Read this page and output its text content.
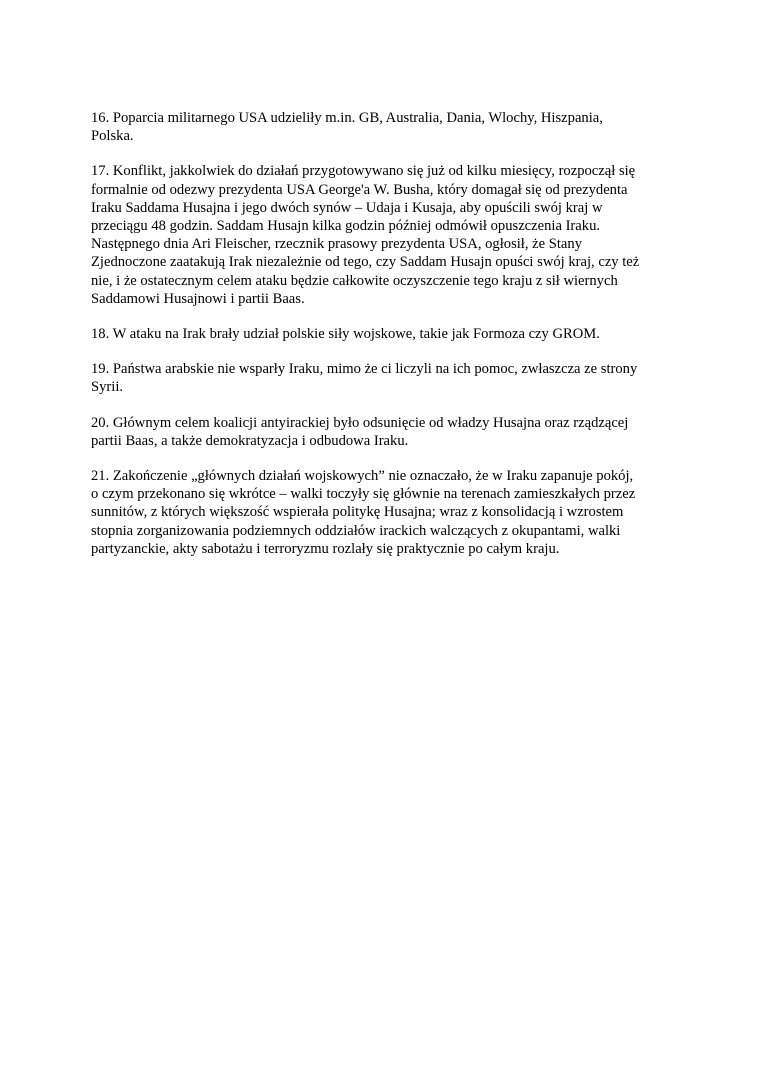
16. Poparcia militarnego USA udzieliły m.in. GB, Australia, Dania, Wlochy, Hiszpania,
Polska.

17. Konflikt, jakkolwiek do działań przygotowywano się już od kilku miesięcy, rozpoczął się
formalnie od odezwy prezydenta USA George'a W. Busha, który domagał się od prezydenta
Iraku Saddama Husajna i jego dwóch synów – Udaja i Kusaja, aby opuścili swój kraj w
przeciągu 48 godzin. Saddam Husajn kilka godzin później odmówił opuszczenia Iraku.
Następnego dnia Ari Fleischer, rzecznik prasowy prezydenta USA, ogłosił, że Stany
Zjednoczone zaatakują Irak niezależnie od tego, czy Saddam Husajn opuści swój kraj, czy też
nie, i że ostatecznym celem ataku będzie całkowite oczyszczenie tego kraju z sił wiernych
Saddamowi Husajnowi i partii Baas.

18. W ataku na Irak brały udział polskie siły wojskowe, takie jak Formoza czy GROM.

19. Państwa arabskie nie wsparły Iraku, mimo że ci liczyli na ich pomoc, zwłaszcza ze strony
Syrii.

20. Głównym celem koalicji antyirackiej było odsunięcie od władzy Husajna oraz rządzącej
partii Baas, a także demokratyzacja i odbudowa Iraku.

21. Zakończenie „głównych działań wojskowych” nie oznaczało, że w Iraku zapanuje pokój,
o czym przekonano się wkrótce – walki toczyły się głównie na terenach zamieszkałych przez
sunnitów, z których większość wspierała politykę Husajna; wraz z konsolidacją i wzrostem
stopnia zorganizowania podziemnych oddziałów irackich walczących z okupantami, walki
partyzanckie, akty sabotażu i terroryzmu rozlały się praktycznie po całym kraju.
